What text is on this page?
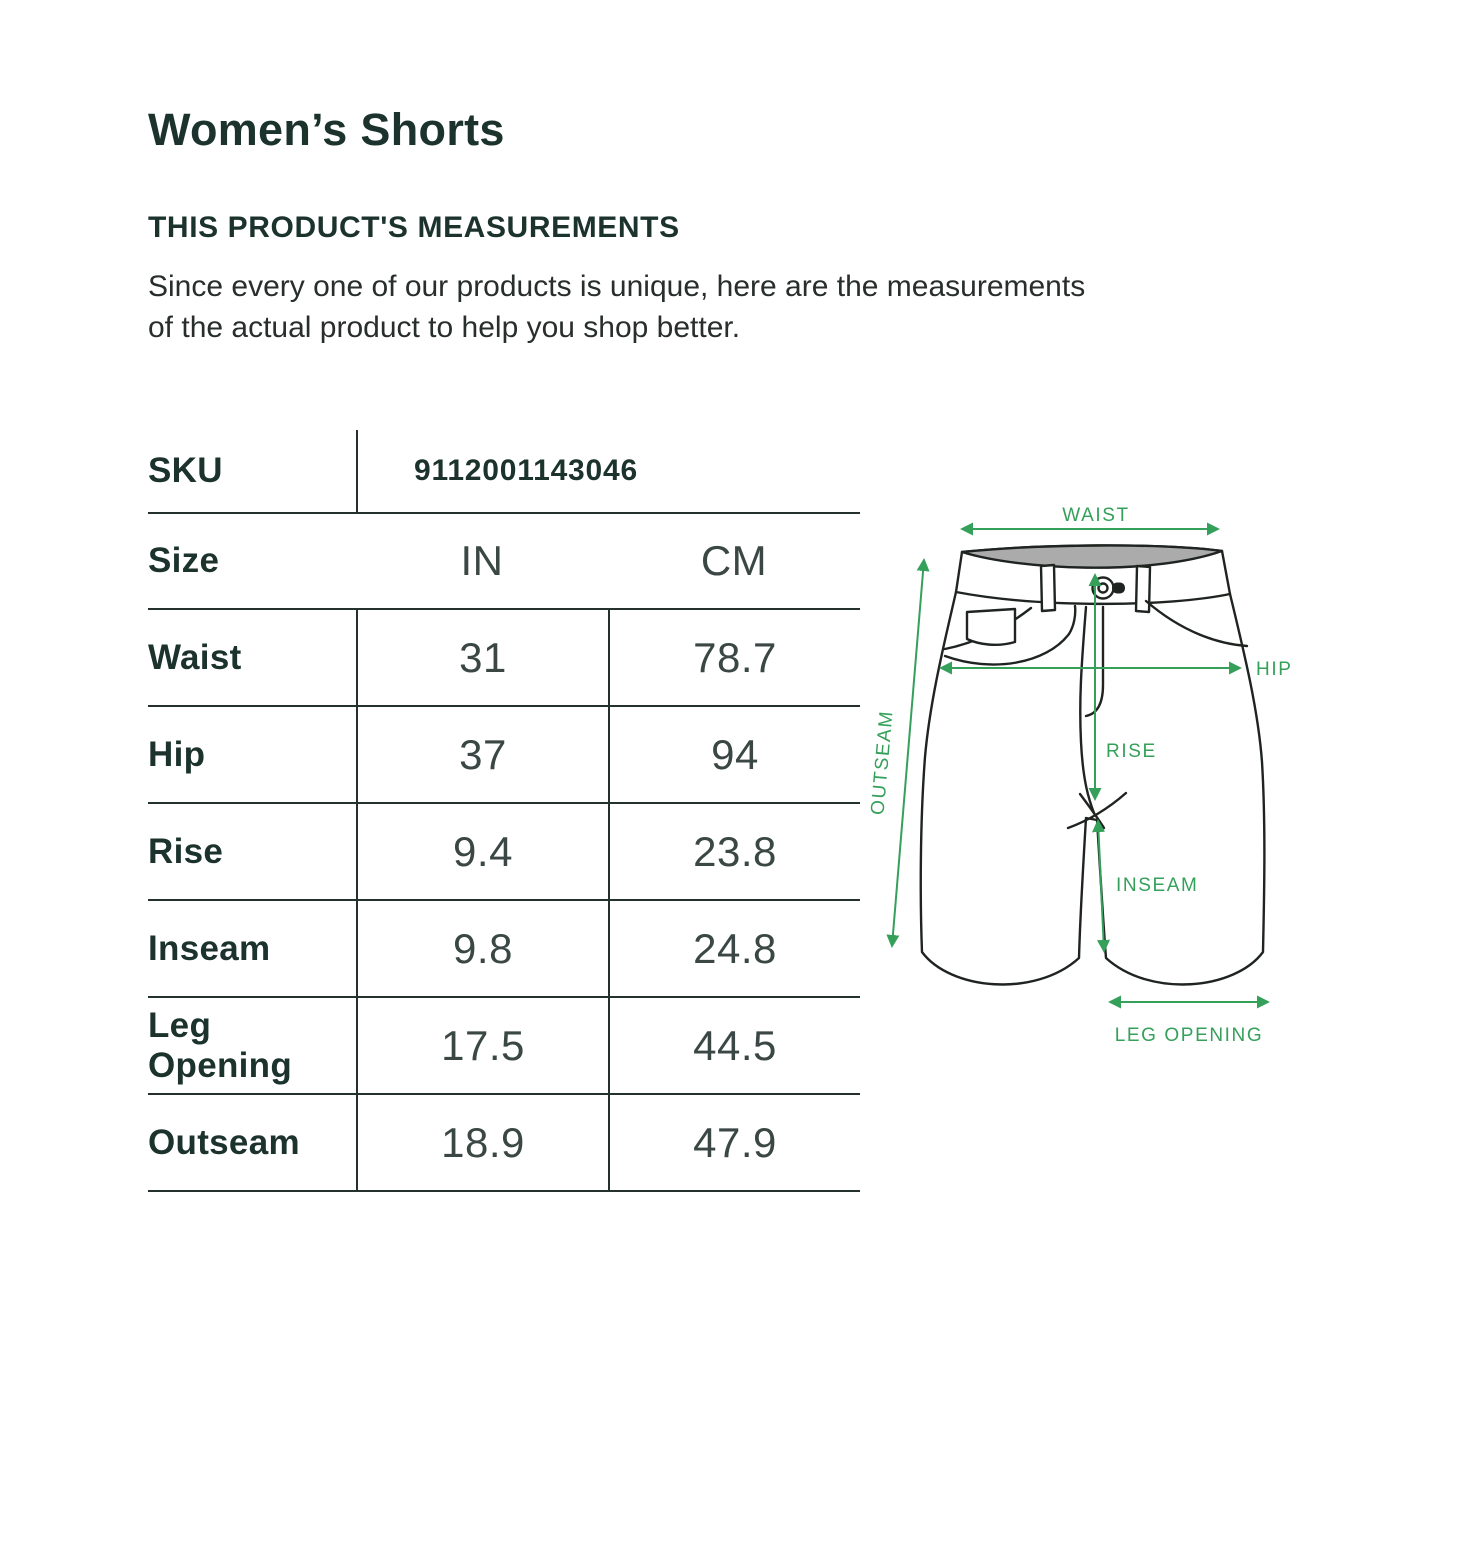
Women’s Shorts
THIS PRODUCT'S MEASUREMENTS

Since every one of our products is unique, here are the measurements
of the actual product to help you shop better.

SKU	9112001143046
Size	IN	CM
Waist	31	78.7
Hip	37	94
Rise	9.4	23.8
Inseam	9.8	24.8
Leg Opening	17.5	44.5
Outseam	18.9	47.9
WAIST
HIP
RISE
INSEAM
OUTSEAM
LEG OPENING
